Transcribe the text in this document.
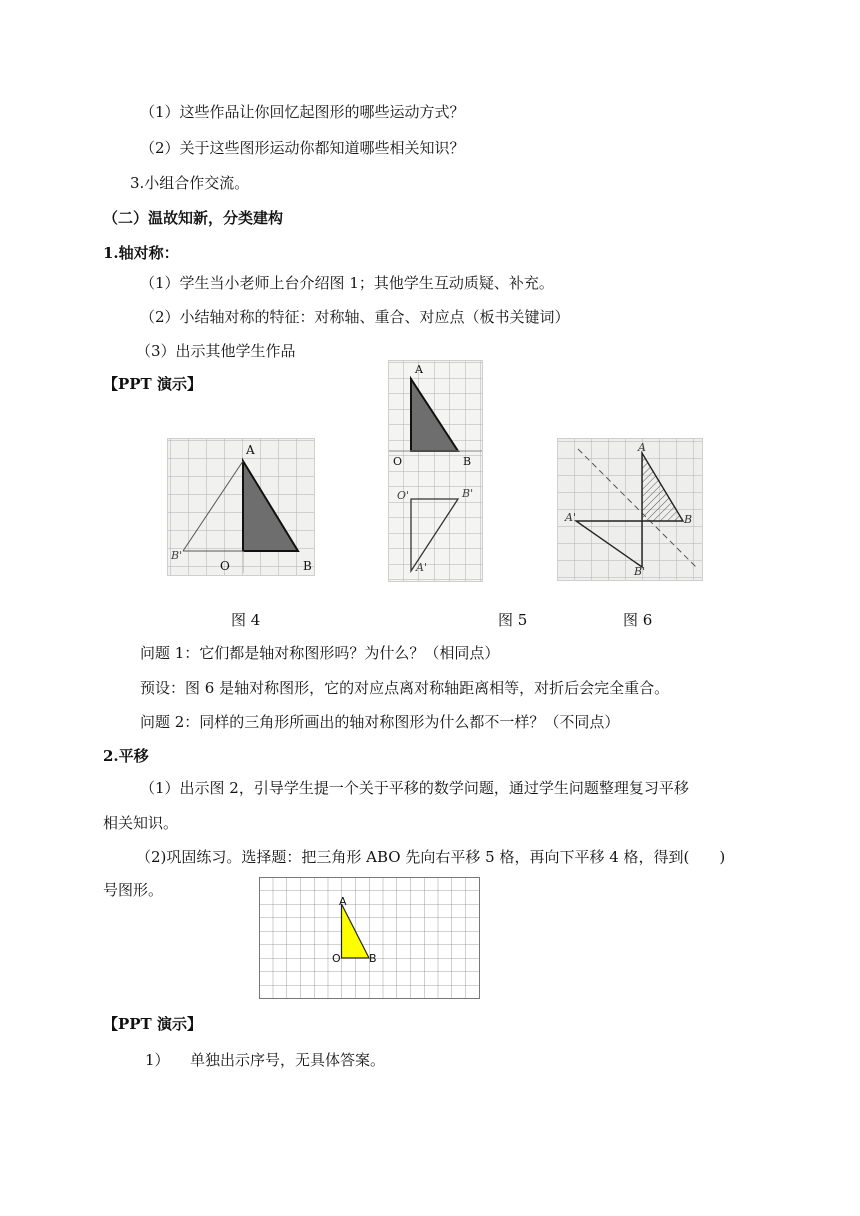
（1）这些作品让你回忆起图形的哪些运动方式？
（2）关于这些图形运动你都知道哪些相关知识？
3.小组合作交流。
（二）温故知新，分类建构
1.轴对称：
（1）学生当小老师上台介绍图 1；其他学生互动质疑、补充。
（2）小结轴对称的特征：对称轴、重合、对应点（板书关键词）
（3）出示其他学生作品
【PPT 演示】
A
O	B
B'
A
O	B
O'	B'
A'
A
A'	B
B'
图 4	图 5	图 6
问题 1：它们都是轴对称图形吗？为什么？（相同点）
预设：图 6 是轴对称图形，它的对应点离对称轴距离相等，对折后会完全重合。
问题 2：同样的三角形所画出的轴对称图形为什么都不一样？（不同点）
2.平移
（1）出示图 2，引导学生提一个关于平移的数学问题，通过学生问题整理复习平移
相关知识。
（2)巩固练习。选择题：把三角形 ABO 先向右平移 5 格，再向下平移 4 格，得到(　　)
号图形。
A
O	B
【PPT 演示】
1） 单独出示序号，无具体答案。
